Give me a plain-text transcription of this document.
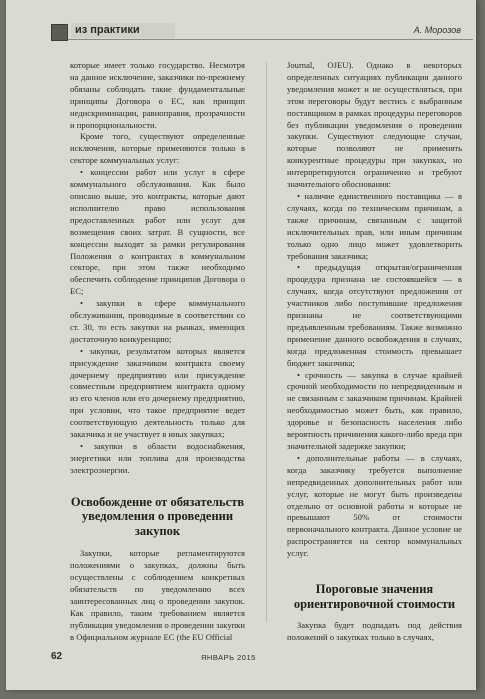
из практики	А. Морозов

которые имеет только государство. Несмотря на данное исключение, заказчики по-прежнему обязаны соблюдать такие фундаментальные принципы Договора о ЕС, как принцип недискриминации, равноправия, прозрачности и пропорциональности.

Кроме того, существуют определенные исключения, которые применяются только в секторе коммунальных услуг:

• концессии работ или услуг в сфере коммунального обслуживания. Как было описано выше, это контракты, которые дают исполнителю право использования предоставленных работ или услуг для возмещения своих затрат. В сущности, все концессии выходят за рамки регулирования Положения о контрактах в коммунальном секторе, при этом также необходимо обеспечить соблюдение принципов Договора о ЕС;

• закупки в сфере коммунального обслуживания, проводимые в соответствии со ст. 30, то есть закупки на рынках, имеющих достаточную конкуренцию;

• закупки, результатом которых является присуждение заказчиком контракта своему дочернему предприятию или присуждение совместным предприятием контракта одному из его членов или его дочернему предприятию, при условии, что такое предприятие ведет соответствующую деятельность только для заказчика и не участвует в иных закупках;

• закупки в области водоснабжения, энергетики или топлива для производства электроэнергии.

Освобождение от обязательств уведомления о проведении закупок

Закупки, которые регламентируются положениями о закупках, должны быть осуществлены с соблюдением конкретных обязательств по уведомлению всех заинтересованных лиц о проведении закупок. Как правило, таким требованием является публикация уведомления о проведении закупки в Официальном журнале ЕС (the EU Official

Journal, OJEU). Однако в некоторых определенных ситуациях публикация данного уведомления может и не осуществляться, при этом переговоры будут вестись с выбранным поставщиком в рамках процедуры переговоров без публикации уведомления о проведении закупки. Существуют следующие случаи, которые позволяют не применять конкурентные процедуры при закупках, но интерпретируются ограниченно и требуют значительного обоснования:

• наличие единственного поставщика — в случаях, когда по техническим причинам, а также причинам, связанным с защитой исключительных прав, или иным причинам только одно лицо может удовлетворить требования заказчика;

• предыдущая открытая/ограниченная процедура признана не состоявшейся — в случаях, когда отсутствуют предложения от участников либо поступившие предложения признаны не соответствующими предъявленным требованиям. Также возможно применение данного освобождения в случаях, когда предложенная стоимость превышает бюджет заказчика;

• срочность — закупка в случае крайней срочной необходимости по непредвиденным и не связанным с заказчиком причинам. Крайней необходимостью может быть, как правило, здоровье и безопасность населения либо вероятность причинения какого-либо вреда при значительной задержке закупки;

• дополнительные работы — в случаях, когда заказчику требуется выполнение непредвиденных дополнительных работ или услуг, которые не могут быть произведены отдельно от основной работы и которые не превышают 50% от стоимости первоначального контракта. Данное условие не распространяется на сектор коммунальных услуг.

Пороговые значения ориентировочной стоимости

Закупка будет подпадать под действия положений о закупках только в случаях,

62	ЯНВАРЬ 2015
